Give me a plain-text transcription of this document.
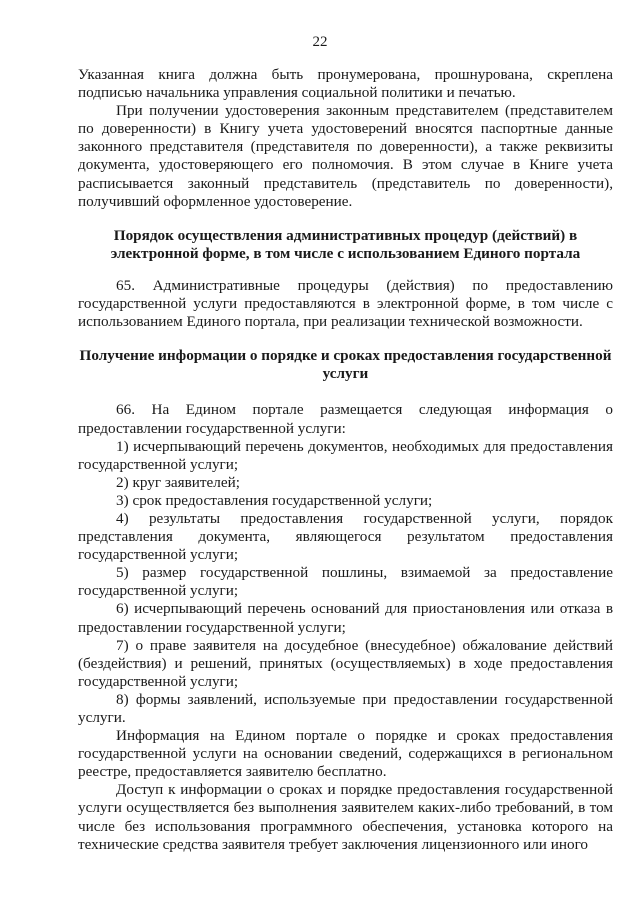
22

Указанная книга должна быть пронумерована, прошнурована, скреплена подписью начальника управления социальной политики и печатью.

При получении удостоверения законным представителем (представителем по доверенности) в Книгу учета удостоверений вносятся паспортные данные законного представителя (представителя по доверенности), а также реквизиты документа, удостоверяющего его полномочия. В этом случае в Книге учета расписывается законный представитель (представитель по доверенности), получивший оформленное удостоверение.

Порядок осуществления административных процедур (действий) в электронной форме, в том числе с использованием Единого портала

65. Административные процедуры (действия) по предоставлению государственной услуги предоставляются в электронной форме, в том числе с использованием Единого портала, при реализации технической возможности.

Получение информации о порядке и сроках предоставления государственной услуги

66. На Едином портале размещается следующая информация о предоставлении государственной услуги:

1) исчерпывающий перечень документов, необходимых для предоставления государственной услуги;

2) круг заявителей;

3) срок предоставления государственной услуги;

4) результаты предоставления государственной услуги, порядок представления документа, являющегося результатом предоставления государственной услуги;

5) размер государственной пошлины, взимаемой за предоставление государственной услуги;

6) исчерпывающий перечень оснований для приостановления или отказа в предоставлении государственной услуги;

7) о праве заявителя на досудебное (внесудебное) обжалование действий (бездействия) и решений, принятых (осуществляемых) в ходе предоставления государственной услуги;

8) формы заявлений, используемые при предоставлении государственной услуги.

Информация на Едином портале о порядке и сроках предоставления государственной услуги на основании сведений, содержащихся в региональном реестре, предоставляется заявителю бесплатно.

Доступ к информации о сроках и порядке предоставления государственной услуги осуществляется без выполнения заявителем каких-либо требований, в том числе без использования программного обеспечения, установка которого на технические средства заявителя требует заключения лицензионного или иного
